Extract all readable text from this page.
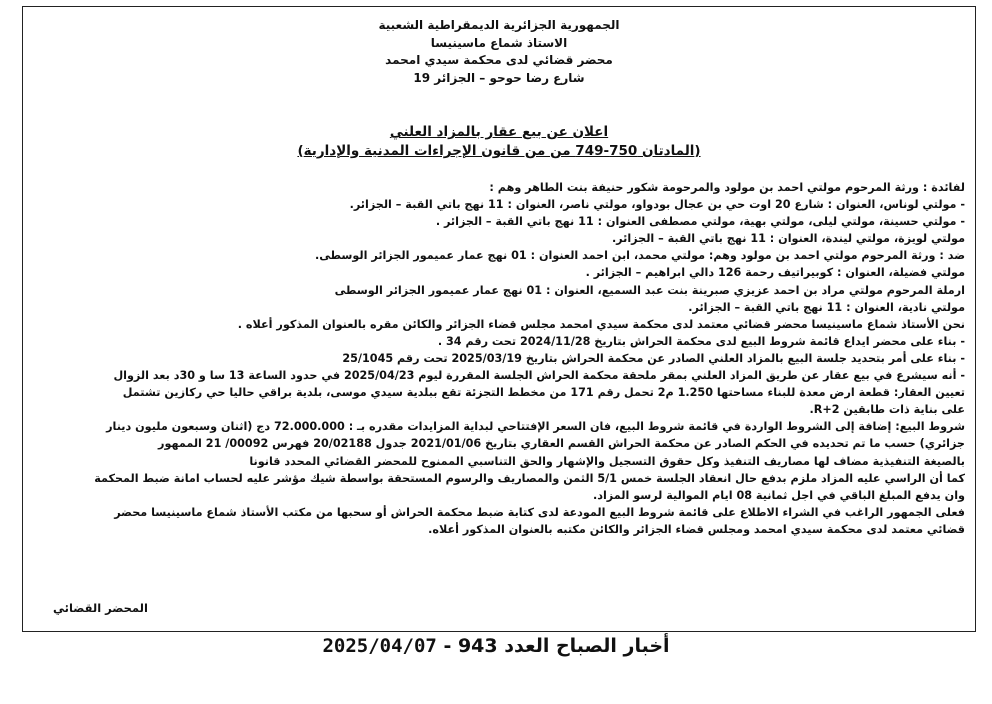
الجمهورية الجزائرية الديمقراطية الشعبية
الاستاذ شماع ماسينيسا
محضر قضائي لدى محكمة سيدي امحمد
19 شارع رضا حوحو – الجزائر
اعلان عن بيع عقار بالمزاد العلني
(المادتان 750-749 من من قانون الإجراءات المدنية والإدارية)
لفائدة : ورثة المرحوم مولتي احمد بن مولود والمرحومة شكور حنيفة بنت الطاهر وهم :
- مولتي لوناس، العنوان : شارع 20 اوت حي بن عجال بودواو، مولتي ناصر، العنوان : 11 نهج باتي القبة – الجزائر.
- مولتي حسينة، مولتي ليلى، مولتي بهية، مولتي مصطفى العنوان : 11 نهج باتي القبة – الجزائر .
مولتي لويزة، مولتي ليندة، العنوان : 11 نهج باتي القبة – الجزائر.
ضد : ورثة المرحوم مولتي احمد بن مولود وهم: مولتي محمد، ابن احمد العنوان : 01 نهج عمار عميمور الجزائر الوسطى.
مولتي فضيلة، العنوان : كوبيراتيف رحمة 126 دالي ابراهيم – الجزائر .
ارملة المرحوم مولتي مراد بن احمد عزيزي صبرينة بنت عبد السميع، العنوان : 01 نهج عمار عميمور الجزائر الوسطى
مولتي نادية، العنوان : 11 نهج باتي القبة – الجزائر.
نحن الأستاذ شماع ماسينيسا محضر قضائي معتمد لدى محكمة سيدي امحمد مجلس قضاء الجزائر والكائن مقره بالعنوان المذكور أعلاه .
- بناء على محضر ايداع قائمة شروط البيع لدى محكمة الحراش بتاريخ 2024/11/28 تحت رقم 34 .
- بناء على أمر بتحديد جلسة البيع بالمزاد العلني الصادر عن محكمة الحراش بتاريخ 2025/03/19 تحت رقم 25/1045
- أنه سيشرع في بيع عقار عن طريق المزاد العلني بمقر ملحقة محكمة الحراش الجلسة المقررة ليوم 2025/04/23 في حدود الساعة 13 سا و 30د بعد الزوال
تعيين العقار: قطعة ارض معدة للبناء مساحتها 1.250 م2 تحمل رقم 171 من مخطط التجزئة تقع ببلدية سيدي موسى، بلدية براقي حاليا حي ركازين تشتمل
على بناية ذات طابقين R+2.
شروط البيع: إضافة إلى الشروط الواردة في قائمة شروط البيع، فان السعر الإفتتاحي لبداية المزايدات مقدره بـ : 72.000.000 دج (اثنان وسبعون مليون دينار
جزائري) حسب ما تم تحديده في الحكم الصادر عن محكمة الحراش القسم العقاري بتاريخ 2021/01/06 جدول 20/02188 فهرس 00092/ 21 الممهور
بالصيغة التنفيذية مضاف لها مصاريف التنفيذ وكل حقوق التسجيل والإشهار والحق التناسبي الممنوح للمحضر القضائي المحدد قانونا
كما أن الراسي عليه المزاد ملزم بدفع حال انعقاد الجلسة خمس 5/1 الثمن والمصاريف والرسوم المستحقة بواسطة شيك مؤشر عليه لحساب امانة ضبط المحكمة
وان يدفع المبلغ الباقي في اجل ثمانية 08 ايام الموالية لرسو المزاد.
فعلى الجمهور الراغب في الشراء الاطلاع على قائمة شروط البيع المودعة لدى كتابة ضبط محكمة الحراش أو سحبها من مكتب الأستاذ شماع ماسينيسا محضر
قضائي معتمد لدى محكمة سيدي امحمد ومجلس قضاء الجزائر والكائن مكتبه بالعنوان المذكور أعلاه.
المحضر القضائي
أخبار الصباح العدد 943 - 2025/04/07
